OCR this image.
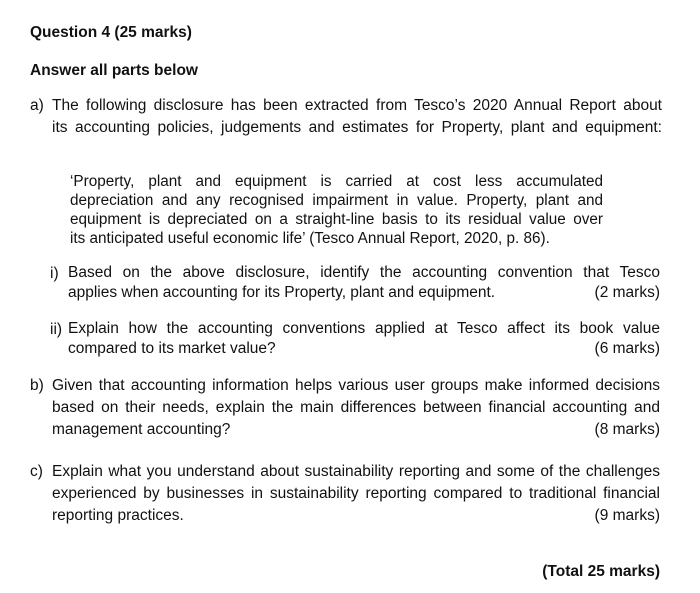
Question 4 (25 marks)
Answer all parts below
a) The following disclosure has been extracted from Tesco’s 2020 Annual Report about
its accounting policies, judgements and estimates for Property, plant and equipment:
‘Property, plant and equipment is carried at cost less accumulated
depreciation and any recognised impairment in value. Property, plant and
equipment is depreciated on a straight-line basis to its residual value over
its anticipated useful economic life’ (Tesco Annual Report, 2020, p. 86).
i) Based on the above disclosure, identify the accounting convention that Tesco
applies when accounting for its Property, plant and equipment.	(2 marks)
ii) Explain how the accounting conventions applied at Tesco affect its book value
compared to its market value?	(6 marks)
b) Given that accounting information helps various user groups make informed decisions
based on their needs, explain the main differences between financial accounting and
management accounting?	(8 marks)
c) Explain what you understand about sustainability reporting and some of the challenges
experienced by businesses in sustainability reporting compared to traditional financial
reporting practices.	(9 marks)
(Total 25 marks)
